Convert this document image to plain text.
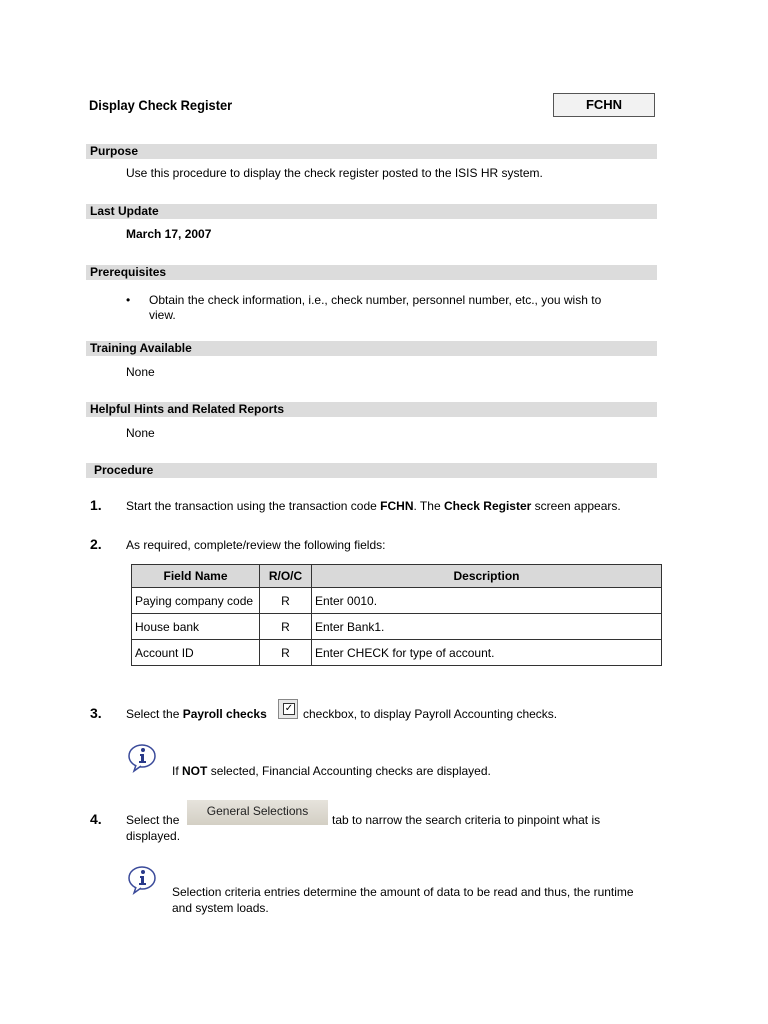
Display Check Register	FCHN
Purpose
Use this procedure to display the check register posted to the ISIS HR system.
Last Update
March 17, 2007
Prerequisites
• Obtain the check information, i.e., check number, personnel number, etc., you wish to
view.
Training Available
None
Helpful Hints and Related Reports
None
Procedure
1. Start the transaction using the transaction code FCHN. The Check Register screen appears.
2. As required, complete/review the following fields:
Field Name	R/O/C	Description
Paying company code	R	Enter 0010.
House bank	R	Enter Bank1.
Account ID	R	Enter CHECK for type of account.
3. Select the Payroll checks ✓ checkbox, to display Payroll Accounting checks.
If NOT selected, Financial Accounting checks are displayed.
4. Select the
General Selections
tab to narrow the search criteria to pinpoint what is
displayed.
Selection criteria entries determine the amount of data to be read and thus, the runtime
and system loads.
